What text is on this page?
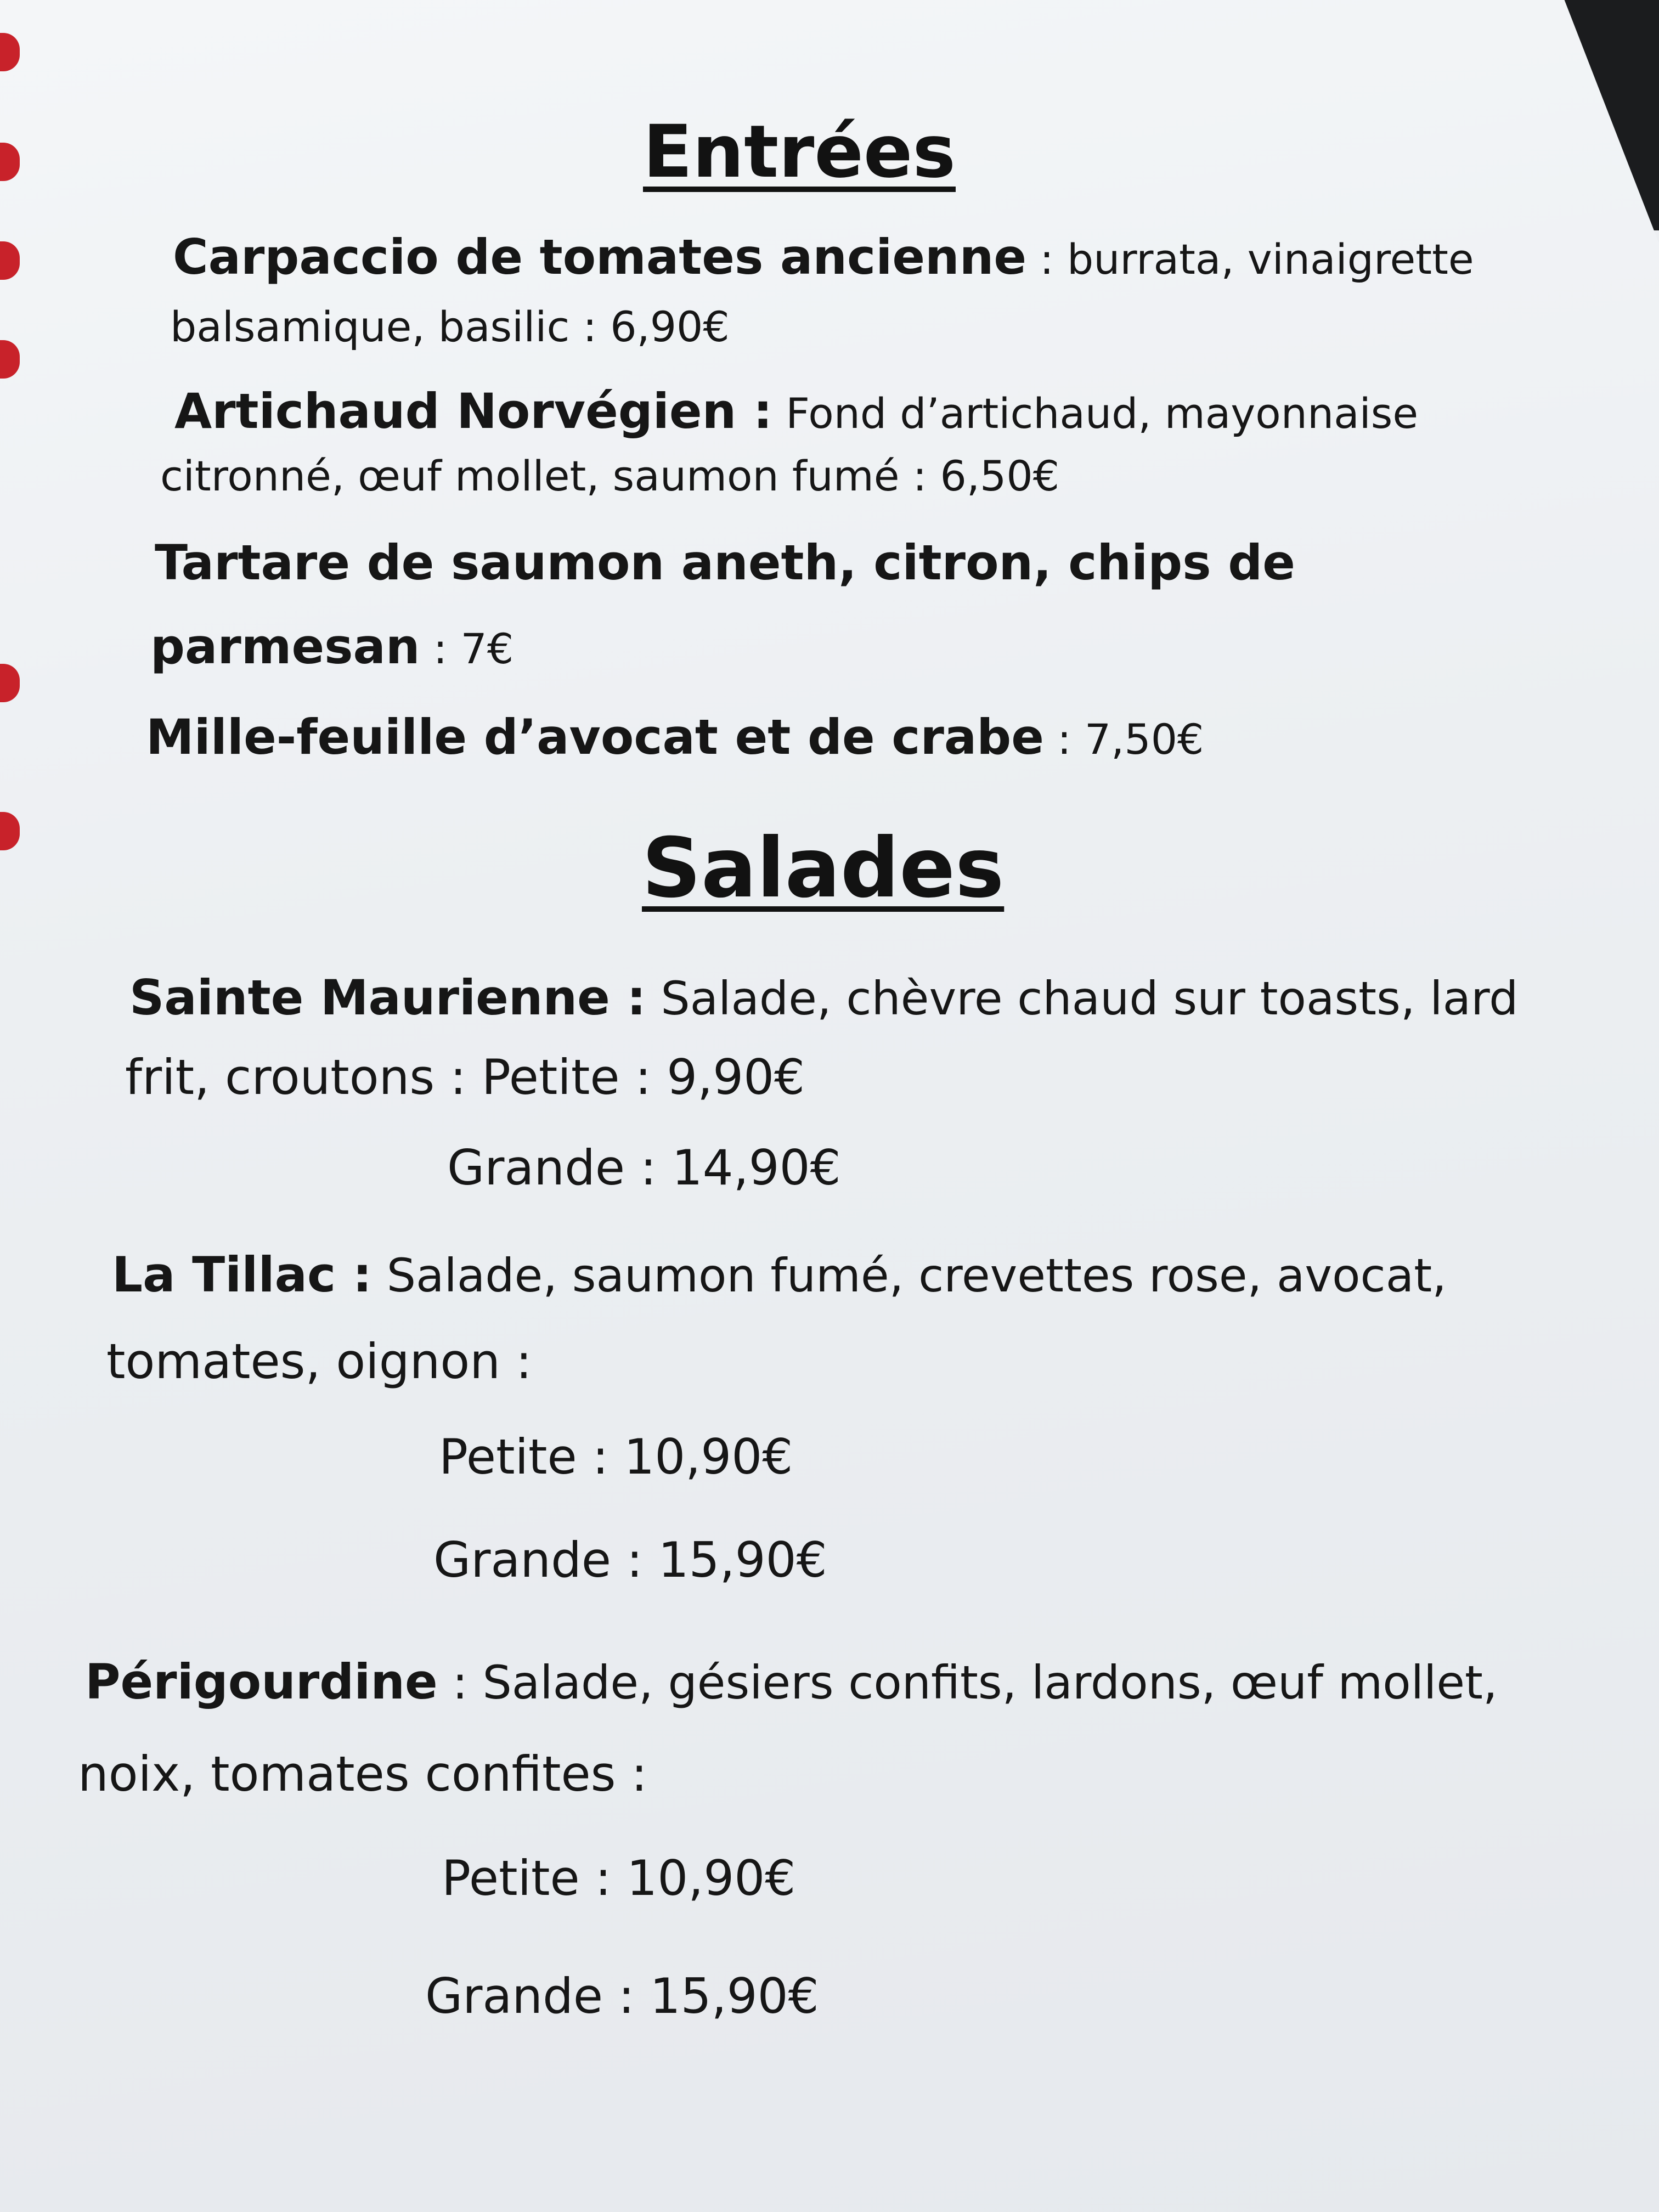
Entrées
Carpaccio de tomates ancienne : burrata, vinaigrette
balsamique, basilic : 6,90€
Artichaud Norvégien : Fond d’artichaud, mayonnaise
citronné, œuf mollet, saumon fumé : 6,50€
Tartare de saumon aneth, citron, chips de
parmesan : 7€
Mille-feuille d’avocat et de crabe : 7,50€
Salades
Sainte Maurienne : Salade, chèvre chaud sur toasts, lard
frit, croutons : Petite : 9,90€
Grande : 14,90€
La Tillac : Salade, saumon fumé, crevettes rose, avocat,
tomates, oignon :
Petite : 10,90€
Grande : 15,90€
Périgourdine : Salade, gésiers confits, lardons, œuf mollet,
noix, tomates confites :
Petite : 10,90€
Grande : 15,90€
